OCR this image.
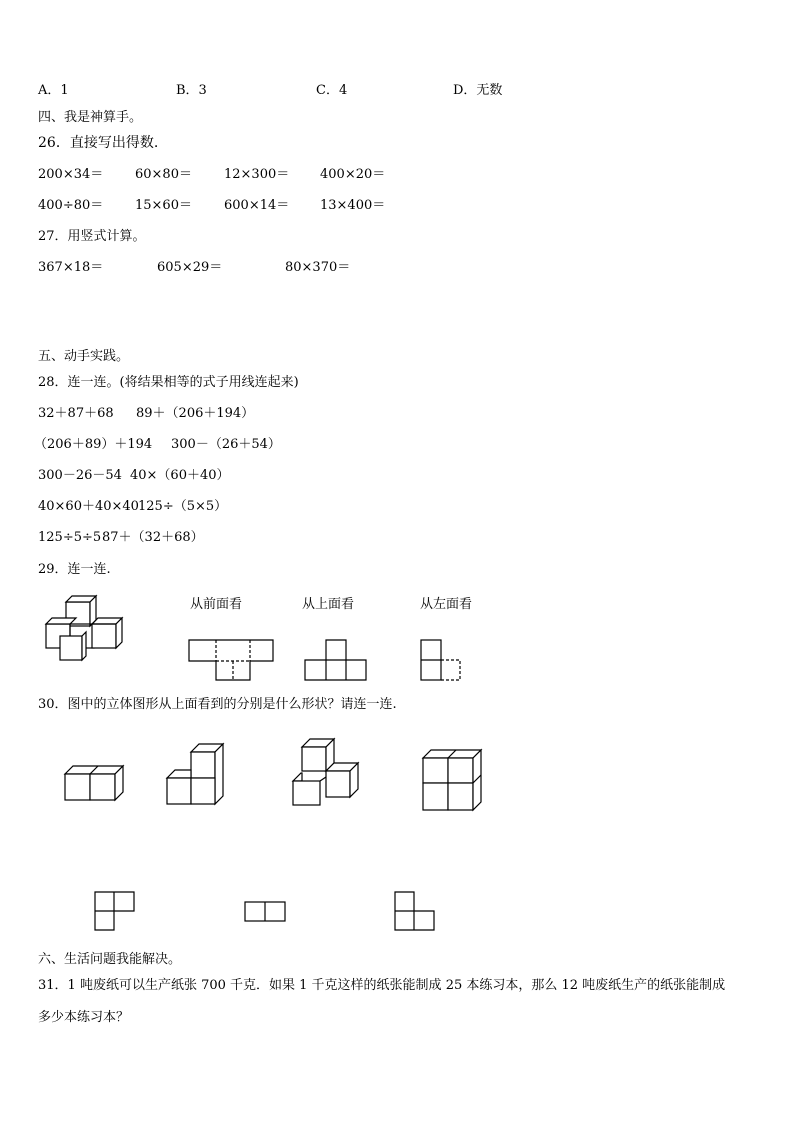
A．1	B．3	C．4	D．无数
四、我是神算手。
26．直接写出得数.
200×34＝ 60×80＝ 12×300＝ 400×20＝
400÷80＝ 15×60＝ 600×14＝ 13×400＝
27．用竖式计算。
367×18＝	605×29＝	80×370＝
五、动手实践。
28．连一连。(将结果相等的式子用线连起来)
32＋87＋68 89＋（206＋194）
（206＋89）＋194 300－（26＋54）
300－26－54 40×（60＋40）
40×60＋40×40 125÷（5×5）
125÷5÷5 87＋（32＋68）
29．连一连.
从前面看	从上面看	从左面看
30．图中的立体图形从上面看到的分别是什么形状？请连一连.
六、生活问题我能解决。
31．1 吨废纸可以生产纸张 700 千克．如果 1 千克这样的纸张能制成 25 本练习本，那么 12 吨废纸生产的纸张能制成
多少本练习本？
